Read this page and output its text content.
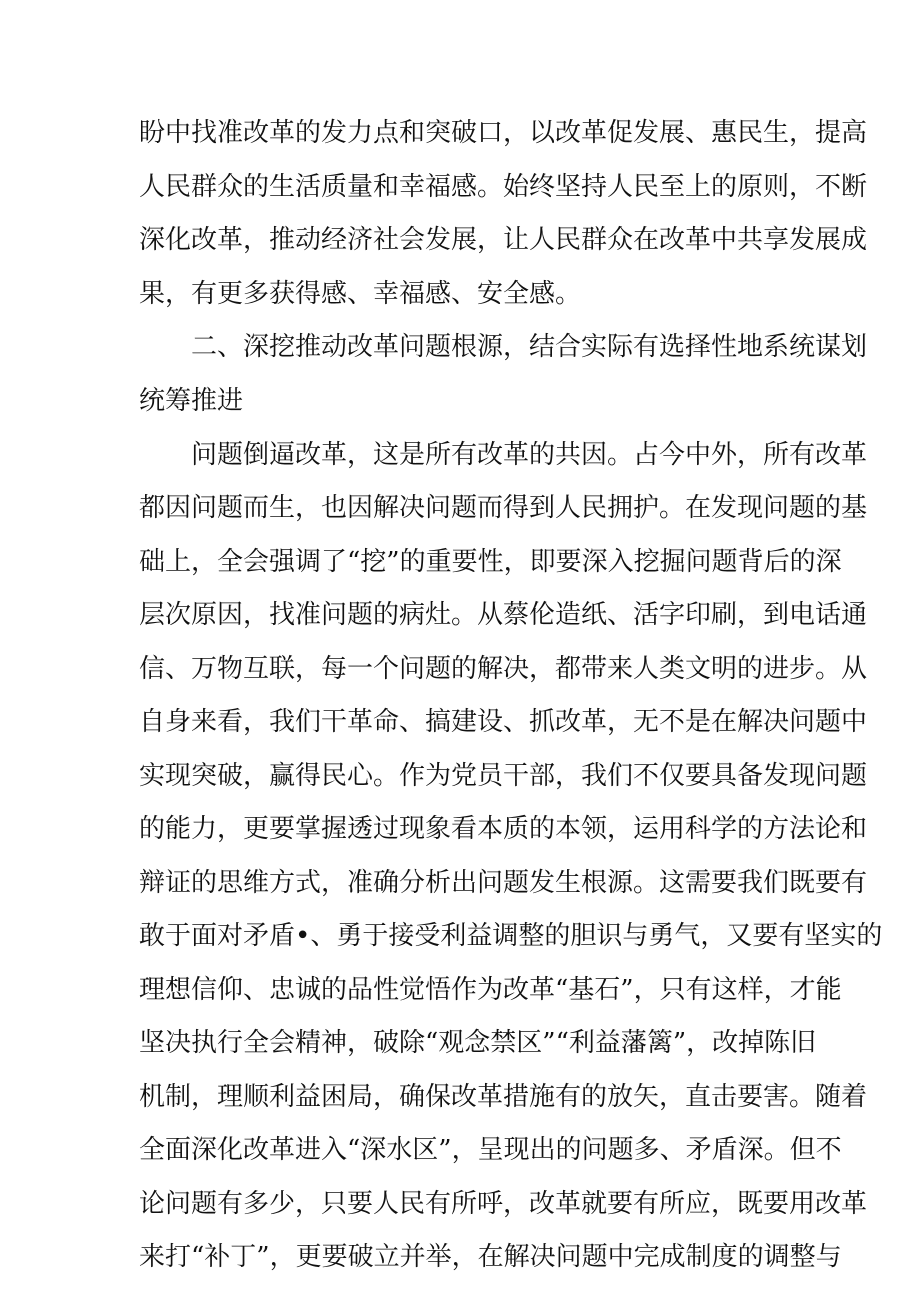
盼中找准改革的发力点和突破口，以改革促发展、惠民生，提高
人民群众的生活质量和幸福感。始终坚持人民至上的原则，不断
深化改革，推动经济社会发展，让人民群众在改革中共享发展成
果，有更多获得感、幸福感、安全感。
二、深挖推动改革问题根源，结合实际有选择性地系统谋划
统筹推进
问题倒逼改革，这是所有改革的共因。占今中外，所有改革
都因问题而生，也因解决问题而得到人民拥护。在发现问题的基
础上，全会强调了“挖”的重要性，即要深入挖掘问题背后的深
层次原因，找准问题的病灶。从蔡伦造纸、活字印刷，到电话通
信、万物互联，每一个问题的解决，都带来人类文明的进步。从
自身来看，我们干革命、搞建设、抓改革，无不是在解决问题中
实现突破，赢得民心。作为党员干部，我们不仅要具备发现问题
的能力，更要掌握透过现象看本质的本领，运用科学的方法论和
辩证的思维方式，准确分析出问题发生根源。这需要我们既要有
敢于面对矛盾•、勇于接受利益调整的胆识与勇气，又要有坚实的
理想信仰、忠诚的品性觉悟作为改革“基石”，只有这样，才能
坚决执行全会精神，破除“观念禁区”“利益藩篱”，改掉陈旧
机制，理顺利益困局，确保改革措施有的放矢，直击要害。随着
全面深化改革进入“深水区”，呈现出的问题多、矛盾深。但不
论问题有多少，只要人民有所呼，改革就要有所应，既要用改革
来打“补丁”，更要破立并举，在解决问题中完成制度的调整与
